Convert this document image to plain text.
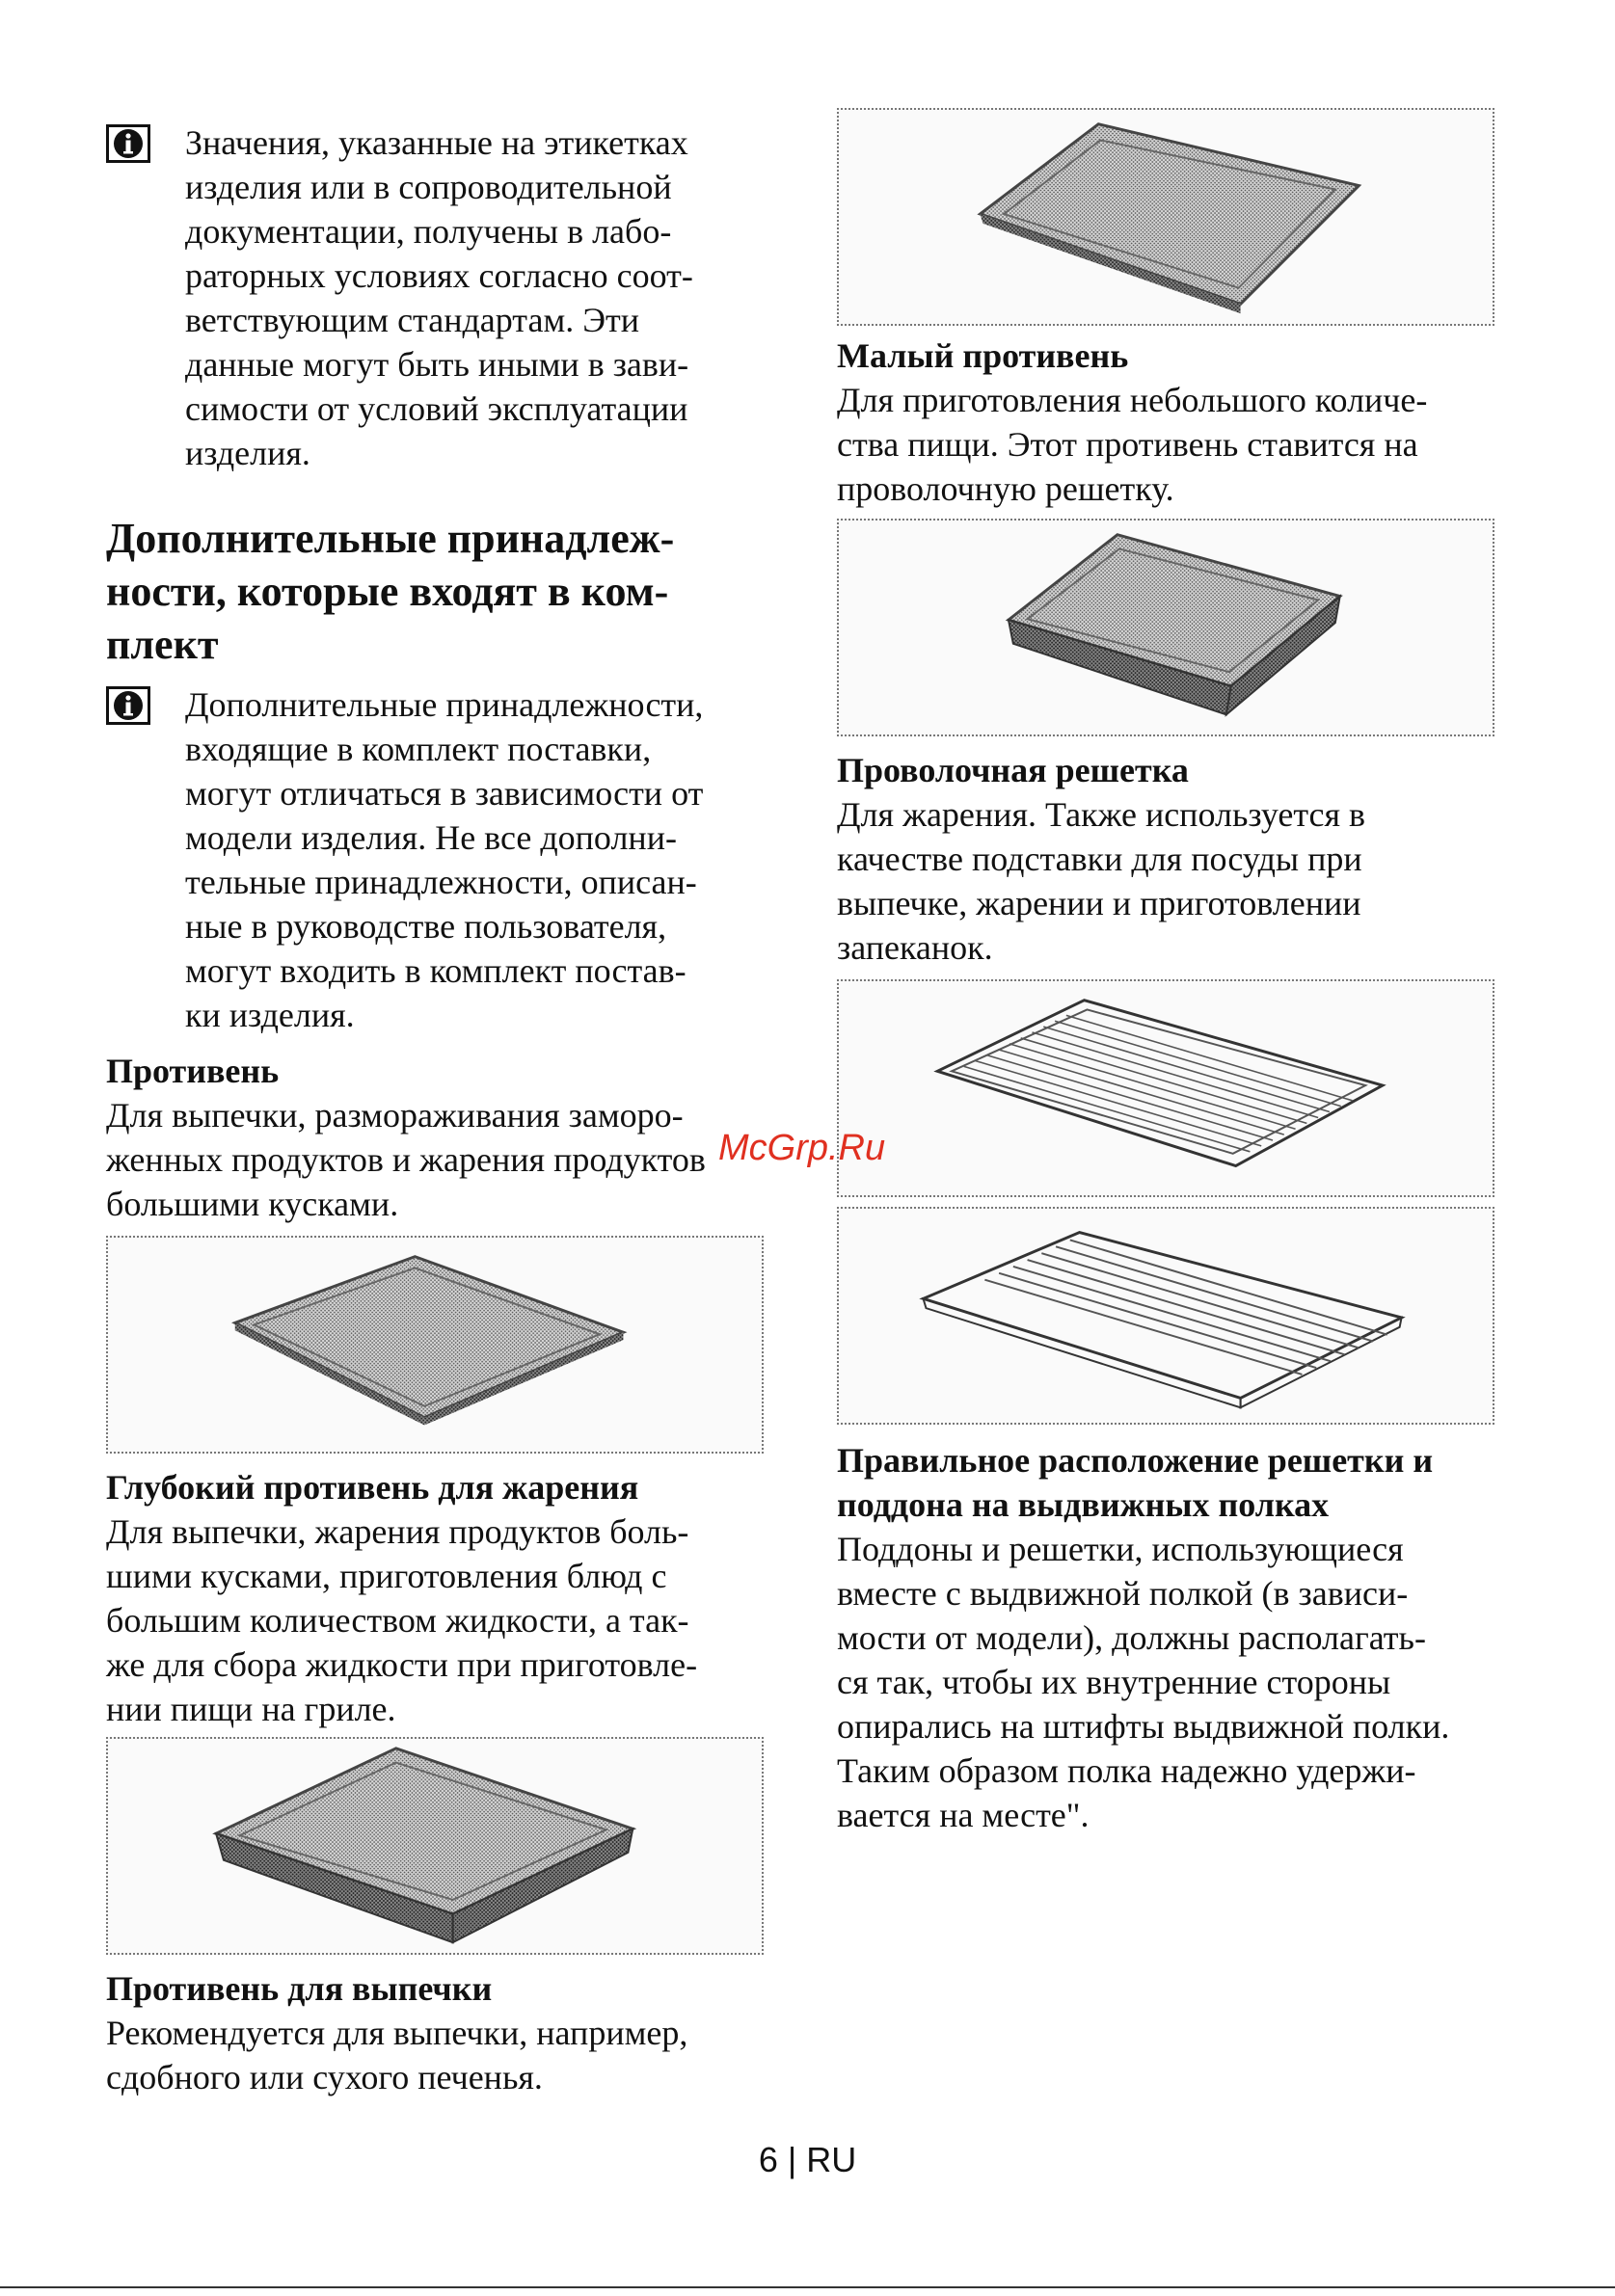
Значения, указанные на этикетках
изделия или в сопроводительной
документации, получены в лабо-
раторных условиях согласно соот-
ветствующим стандартам. Эти
данные могут быть иными в зави-
симости от условий эксплуатации
изделия.

Дополнительные принадлеж-
ности, которые входят в ком-
плект

Дополнительные принадлежности,
входящие в комплект поставки,
могут отличаться в зависимости от
модели изделия. Не все дополни-
тельные принадлежности, описан-
ные в руководстве пользователя,
могут входить в комплект постав-
ки изделия.

Противень

Для выпечки, размораживания заморо-
женных продуктов и жарения продуктов
большими кусками.

Глубокий противень для жарения

Для выпечки, жарения продуктов боль-
шими кусками, приготовления блюд с
большим количеством жидкости, а так-
же для сбора жидкости при приготовле-
нии пищи на гриле.

Противень для выпечки

Рекомендуется для выпечки, например,
сдобного или сухого печенья.

Малый противень

Для приготовления небольшого количе-
ства пищи. Этот противень ставится на
проволочную решетку.

Проволочная решетка

Для жарения. Также используется в
качестве подставки для посуды при
выпечке, жарении и приготовлении
запеканок.

Правильное расположение решетки и
поддона на выдвижных полках

Поддоны и решетки, использующиеся
вместе с выдвижной полкой (в зависи-
мости от модели), должны располагать-
ся так, чтобы их внутренние стороны
опирались на штифты выдвижной полки.
Таким образом полка надежно удержи-
вается на месте".

McGrp.Ru
6 | RU
